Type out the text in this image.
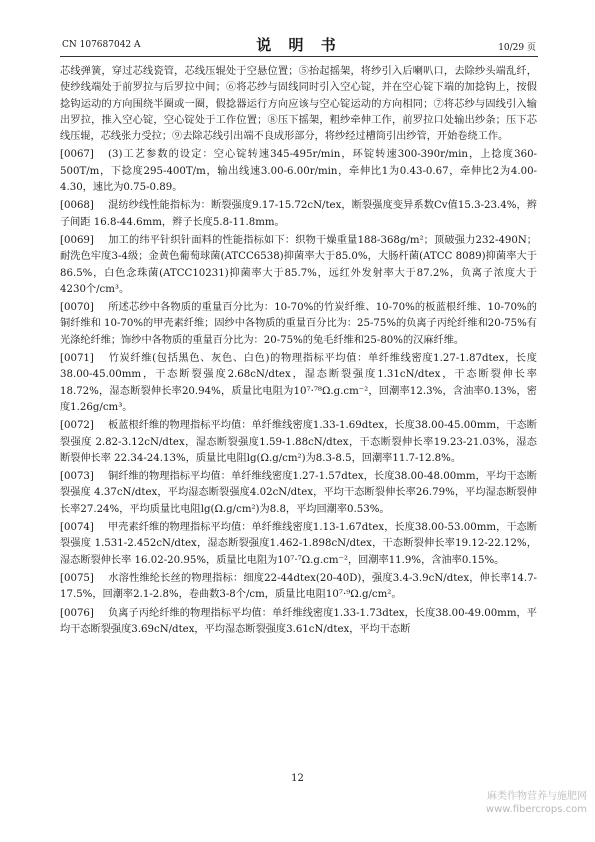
CN 107687042 A	说 明 书	10/29 页

芯线弹簧，穿过芯线瓷管，芯线压辊处于空悬位置；⑤抬起摇架，将纱引入后喇叭口，去除纱头端乱纤，使纱线端处于前罗拉与后罗拉中间；⑥将芯纱与固线同时引入空心锭，并在空心锭下端的加捻钩上，按假捻钩运动的方向围绕半圈或一圈，假捻器运行方向应该与空心锭运动的方向相同；⑦将芯纱与固线引入输出罗拉，推入空心锭，空心锭处于工作位置；⑧压下摇架，粗纱牵伸工作，前罗拉口处输出纱条；压下芯线压辊，芯线张力受拉；⑨去除芯线引出端不良成形部分，将纱经过槽筒引出纱管，开始卷绕工作。

[0067] (3)工艺参数的设定：空心锭转速345-495r/min，环锭转速300-390r/min，上捻度360-500T/m，下捻度295-400T/m，输出线速3.00-6.00r/min，牵伸比1为0.43-0.67，牵伸比2为4.00-4.30，速比为0.75-0.89。

[0068] 混纺纱线性能指标为：断裂强度9.17-15.72cN/tex，断裂强度变异系数Cv值15.3-23.4%，辫子间距 16.8-44.6mm，辫子长度5.8-11.8mm。

[0069] 加工的纬平针织针面料的性能指标如下：织物干燥重量188-368g/m²；顶破强力232-490N；耐洗色牢度3-4级；金黄色葡萄球菌(ATCC6538)抑菌率大于85.0%，大肠杆菌(ATCC 8089)抑菌率大于86.5%，白色念珠菌(ATCC10231)抑菌率大于85.7%，远红外发射率大于87.2%，负离子浓度大于4230个/cm³。

[0070] 所述芯纱中各物质的重量百分比为：10-70%的竹炭纤维、10-70%的板蓝根纤维、10-70%的铜纤维和 10-70%的甲壳素纤维；固纱中各物质的重量百分比为：25-75%的负离子丙纶纤维和20-75%有光涤纶纤维；饰纱中各物质的重量百分比为：20-75%的兔毛纤维和25-80%的汉麻纤维。

[0071] 竹炭纤维(包括黑色、灰色、白色)的物理指标平均值：单纤维线密度1.27-1.87dtex，长度38.00-45.00mm，干态断裂强度2.68cN/dtex，湿态断裂强度1.31cN/dtex，干态断裂伸长率18.72%，湿态断裂伸长率20.94%，质量比电阻为10⁷·⁷⁸Ω.g.cm⁻²，回潮率12.3%，含油率0.13%，密度1.26g/cm³。

[0072] 板蓝根纤维的物理指标平均值：单纤维线密度1.33-1.69dtex，长度38.00-45.00mm，干态断裂强度 2.82-3.12cN/dtex，湿态断裂强度1.59-1.88cN/dtex，干态断裂伸长率19.23-21.03%，湿态断裂伸长率 22.34-24.13%，质量比电阻lg(Ω.g/cm²)为8.3-8.5，回潮率11.7-12.8%。

[0073] 铜纤维的物理指标平均值：单纤维线密度1.27-1.57dtex，长度38.00-48.00mm，平均干态断裂强度 4.37cN/dtex，平均湿态断裂强度4.02cN/dtex，平均干态断裂伸长率26.79%，平均湿态断裂伸长率27.24%，平均质量比电阻lg(Ω.g/cm²)为8.8，平均回潮率0.53%。

[0074] 甲壳素纤维的物理指标平均值：单纤维线密度1.13-1.67dtex，长度38.00-53.00mm，干态断裂强度 1.531-2.452cN/dtex，湿态断裂强度1.462-1.898cN/dtex，干态断裂伸长率19.12-22.12%，湿态断裂伸长率 16.02-20.95%，质量比电阻为10⁷·⁷Ω.g.cm⁻²，回潮率11.9%，含油率0.15%。

[0075] 水溶性维纶长丝的物理指标：细度22-44dtex(20-40D)，强度3.4-3.9cN/dtex，伸长率14.7-17.5%，回潮率2.1-2.8%，卷曲数3-8个/cm，质量比电阻10⁷·⁹Ω.g/cm²。

[0076] 负离子丙纶纤维的物理指标平均值：单纤维线密度1.33-1.73dtex，长度38.00-49.00mm，平均干态断裂强度3.69cN/dtex，平均湿态断裂强度3.61cN/dtex，平均干态断

12
麻类作物营养与施肥网
www.fibercrops.com
